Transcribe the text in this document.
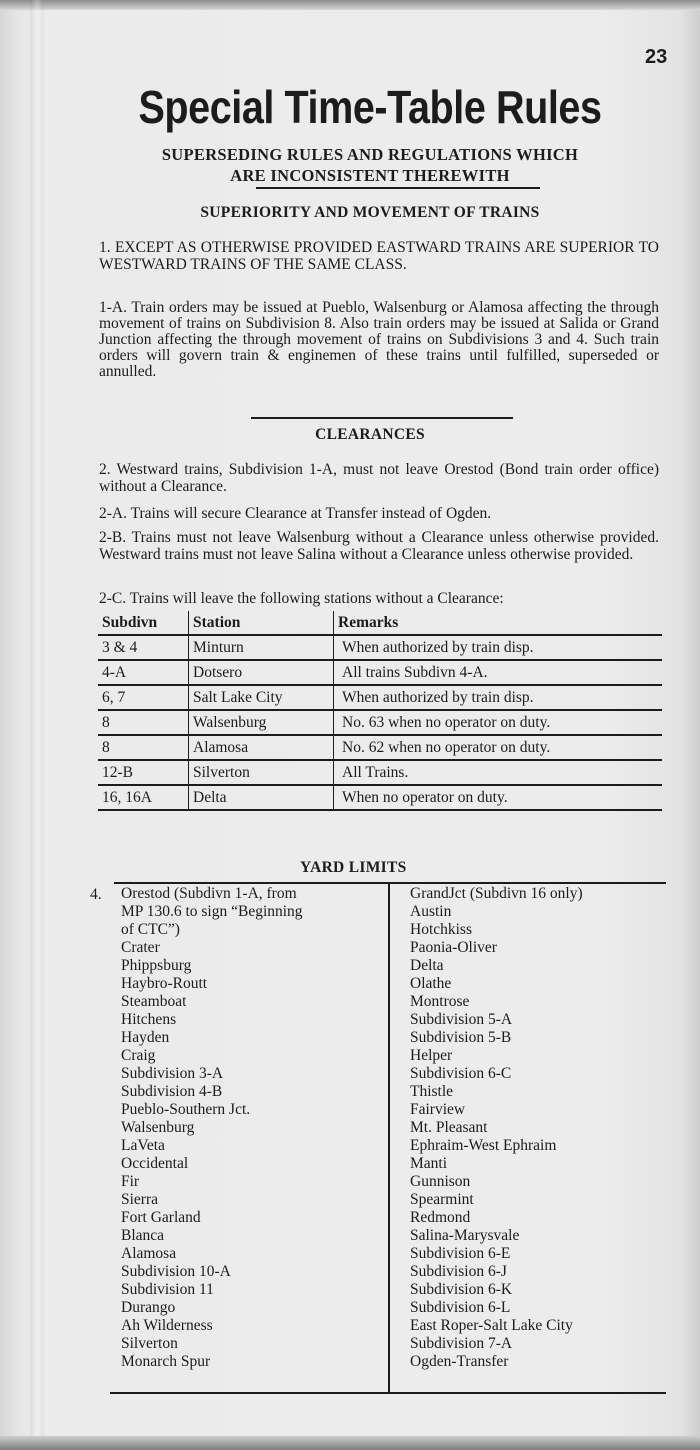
23
Special Time-Table Rules
SUPERSEDING RULES AND REGULATIONS WHICH
ARE INCONSISTENT THEREWITH
SUPERIORITY AND MOVEMENT OF TRAINS
1. EXCEPT AS OTHERWISE PROVIDED EASTWARD TRAINS ARE SUPERIOR TO WESTWARD TRAINS OF THE SAME CLASS.
1-A. Train orders may be issued at Pueblo, Walsenburg or Alamosa affecting the through movement of trains on Subdivision 8. Also train orders may be issued at Salida or Grand Junction affecting the through movement of trains on Subdivisions 3 and 4. Such train orders will govern train & enginemen of these trains until fulfilled, superseded or annulled.
CLEARANCES
2. Westward trains, Subdivision 1-A, must not leave Orestod (Bond train order office) without a Clearance.
2-A. Trains will secure Clearance at Transfer instead of Ogden.
2-B. Trains must not leave Walsenburg without a Clearance unless otherwise provided. Westward trains must not leave Salina without a Clearance unless otherwise provided.
2-C. Trains will leave the following stations without a Clearance:
Subdivn	Station	Remarks
3 & 4	Minturn	When authorized by train disp.
4-A	Dotsero	All trains Subdivn 4-A.
6, 7	Salt Lake City	When authorized by train disp.
8	Walsenburg	No. 63 when no operator on duty.
8	Alamosa	No. 62 when no operator on duty.
12-B	Silverton	All Trains.
16, 16A	Delta	When no operator on duty.
YARD LIMITS
4. Orestod (Subdivn 1-A, from
MP 130.6 to sign “Beginning
of CTC”)
Crater
Phippsburg
Haybro-Routt
Steamboat
Hitchens
Hayden
Craig
Subdivision 3-A
Subdivision 4-B
Pueblo-Southern Jct.
Walsenburg
LaVeta
Occidental
Fir
Sierra
Fort Garland
Blanca
Alamosa
Subdivision 10-A
Subdivision 11
Durango
Ah Wilderness
Silverton
Monarch Spur
GrandJct (Subdivn 16 only)
Austin
Hotchkiss
Paonia-Oliver
Delta
Olathe
Montrose
Subdivision 5-A
Subdivision 5-B
Helper
Subdivision 6-C
Thistle
Fairview
Mt. Pleasant
Ephraim-West Ephraim
Manti
Gunnison
Spearmint
Redmond
Salina-Marysvale
Subdivision 6-E
Subdivision 6-J
Subdivision 6-K
Subdivision 6-L
East Roper-Salt Lake City
Subdivision 7-A
Ogden-Transfer
